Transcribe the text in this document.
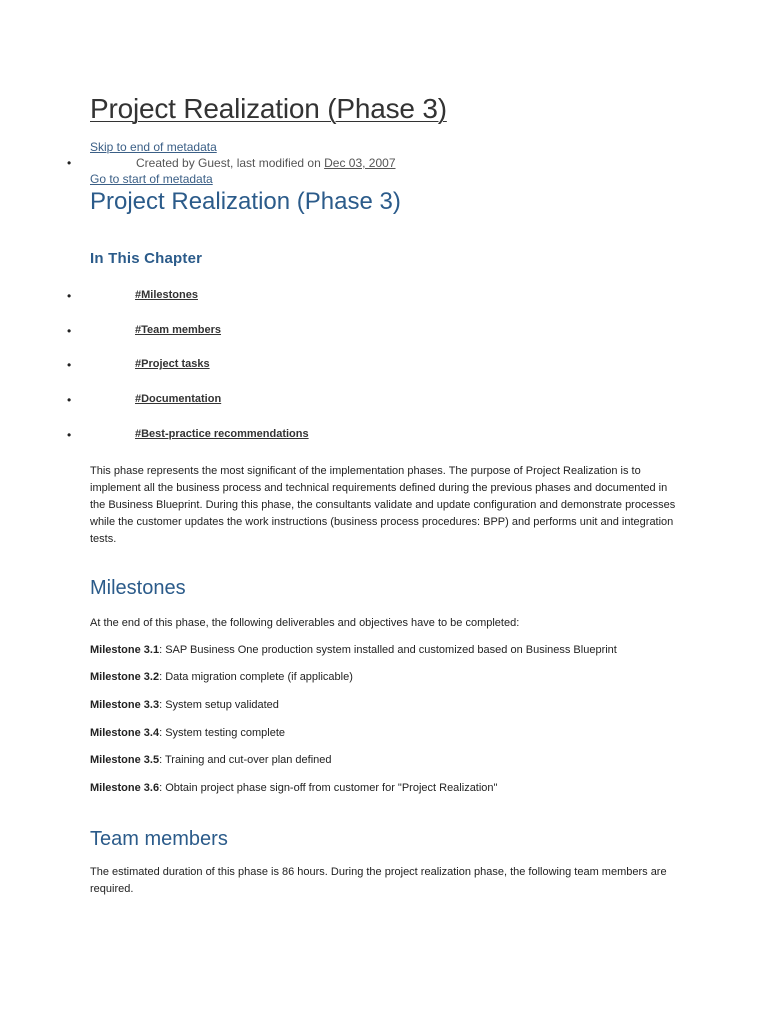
Project Realization (Phase 3)
Skip to end of metadata
•	Created by Guest, last modified on Dec 03, 2007
Go to start of metadata
Project Realization (Phase 3)
In This Chapter
•	#Milestones
•	#Team members
•	#Project tasks
•	#Documentation
•	#Best-practice recommendations
This phase represents the most significant of the implementation phases. The purpose of Project Realization is to implement all the business process and technical requirements defined during the previous phases and documented in the Business Blueprint. During this phase, the consultants validate and update configuration and demonstrate processes while the customer updates the work instructions (business process procedures: BPP) and performs unit and integration tests.
Milestones
At the end of this phase, the following deliverables and objectives have to be completed:
Milestone 3.1: SAP Business One production system installed and customized based on Business Blueprint
Milestone 3.2: Data migration complete (if applicable)
Milestone 3.3: System setup validated
Milestone 3.4: System testing complete
Milestone 3.5: Training and cut-over plan defined
Milestone 3.6: Obtain project phase sign-off from customer for "Project Realization"
Team members
The estimated duration of this phase is 86 hours. During the project realization phase, the following team members are required.
